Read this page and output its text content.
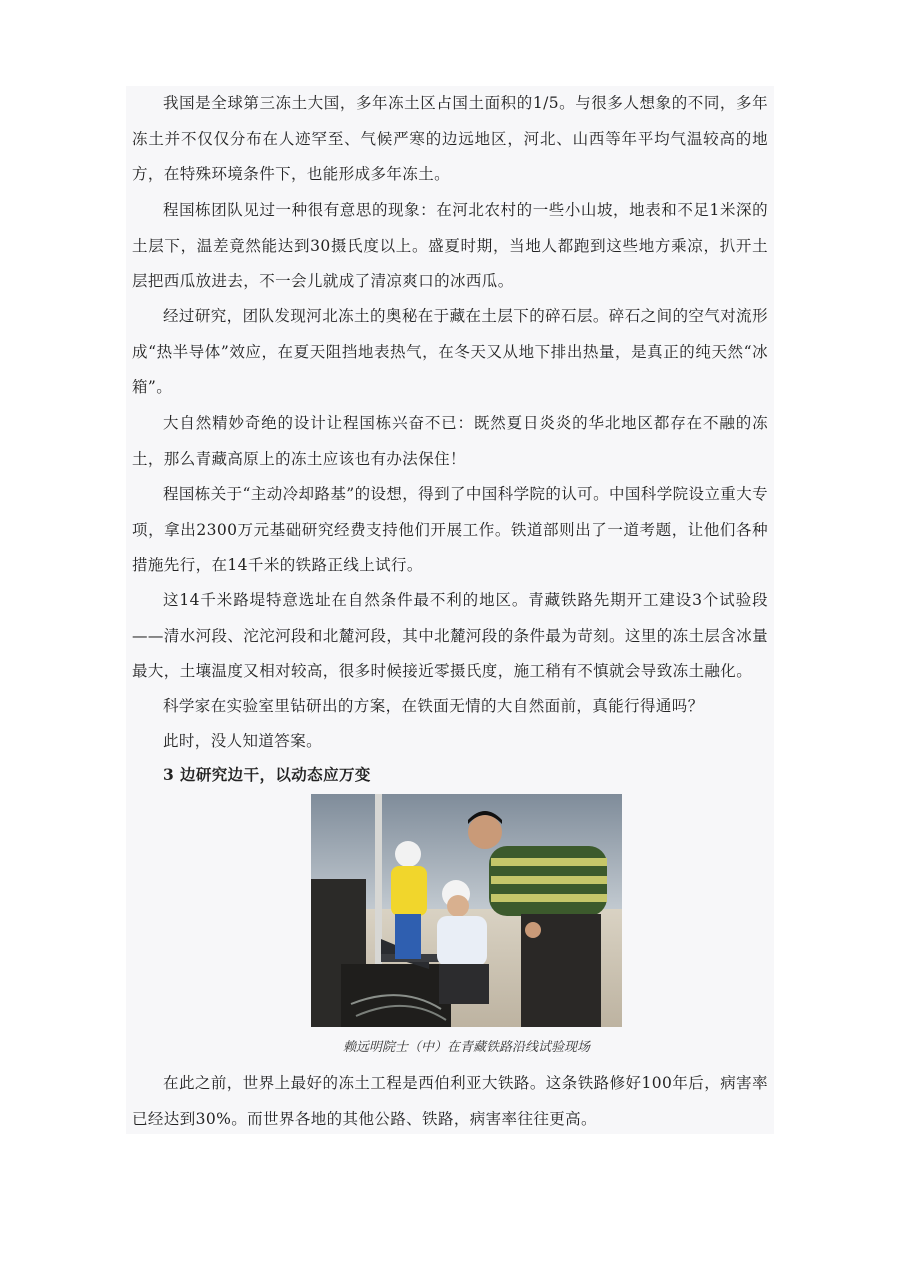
我国是全球第三冻土大国，多年冻土区占国土面积的1/5。与很多人想象的不同，多年冻土并不仅仅分布在人迹罕至、气候严寒的边远地区，河北、山西等年平均气温较高的地方，在特殊环境条件下，也能形成多年冻土。

程国栋团队见过一种很有意思的现象：在河北农村的一些小山坡，地表和不足1米深的土层下，温差竟然能达到30摄氏度以上。盛夏时期，当地人都跑到这些地方乘凉，扒开土层把西瓜放进去，不一会儿就成了清凉爽口的冰西瓜。

经过研究，团队发现河北冻土的奥秘在于藏在土层下的碎石层。碎石之间的空气对流形成“热半导体”效应，在夏天阻挡地表热气，在冬天又从地下排出热量，是真正的纯天然“冰箱”。

大自然精妙奇绝的设计让程国栋兴奋不已：既然夏日炎炎的华北地区都存在不融的冻土，那么青藏高原上的冻土应该也有办法保住！

程国栋关于“主动冷却路基”的设想，得到了中国科学院的认可。中国科学院设立重大专项，拿出2300万元基础研究经费支持他们开展工作。铁道部则出了一道考题，让他们各种措施先行，在14千米的铁路正线上试行。

这14千米路堤特意选址在自然条件最不利的地区。青藏铁路先期开工建设3个试验段——清水河段、沱沱河段和北麓河段，其中北麓河段的条件最为苛刻。这里的冻土层含冰量最大，土壤温度又相对较高，很多时候接近零摄氏度，施工稍有不慎就会导致冻土融化。

科学家在实验室里钻研出的方案，在铁面无情的大自然面前，真能行得通吗？

此时，没人知道答案。

3 边研究边干，以动态应万变

赖远明院士（中）在青藏铁路沿线试验现场

在此之前，世界上最好的冻土工程是西伯利亚大铁路。这条铁路修好100年后，病害率已经达到30%。而世界各地的其他公路、铁路，病害率往往更高。
